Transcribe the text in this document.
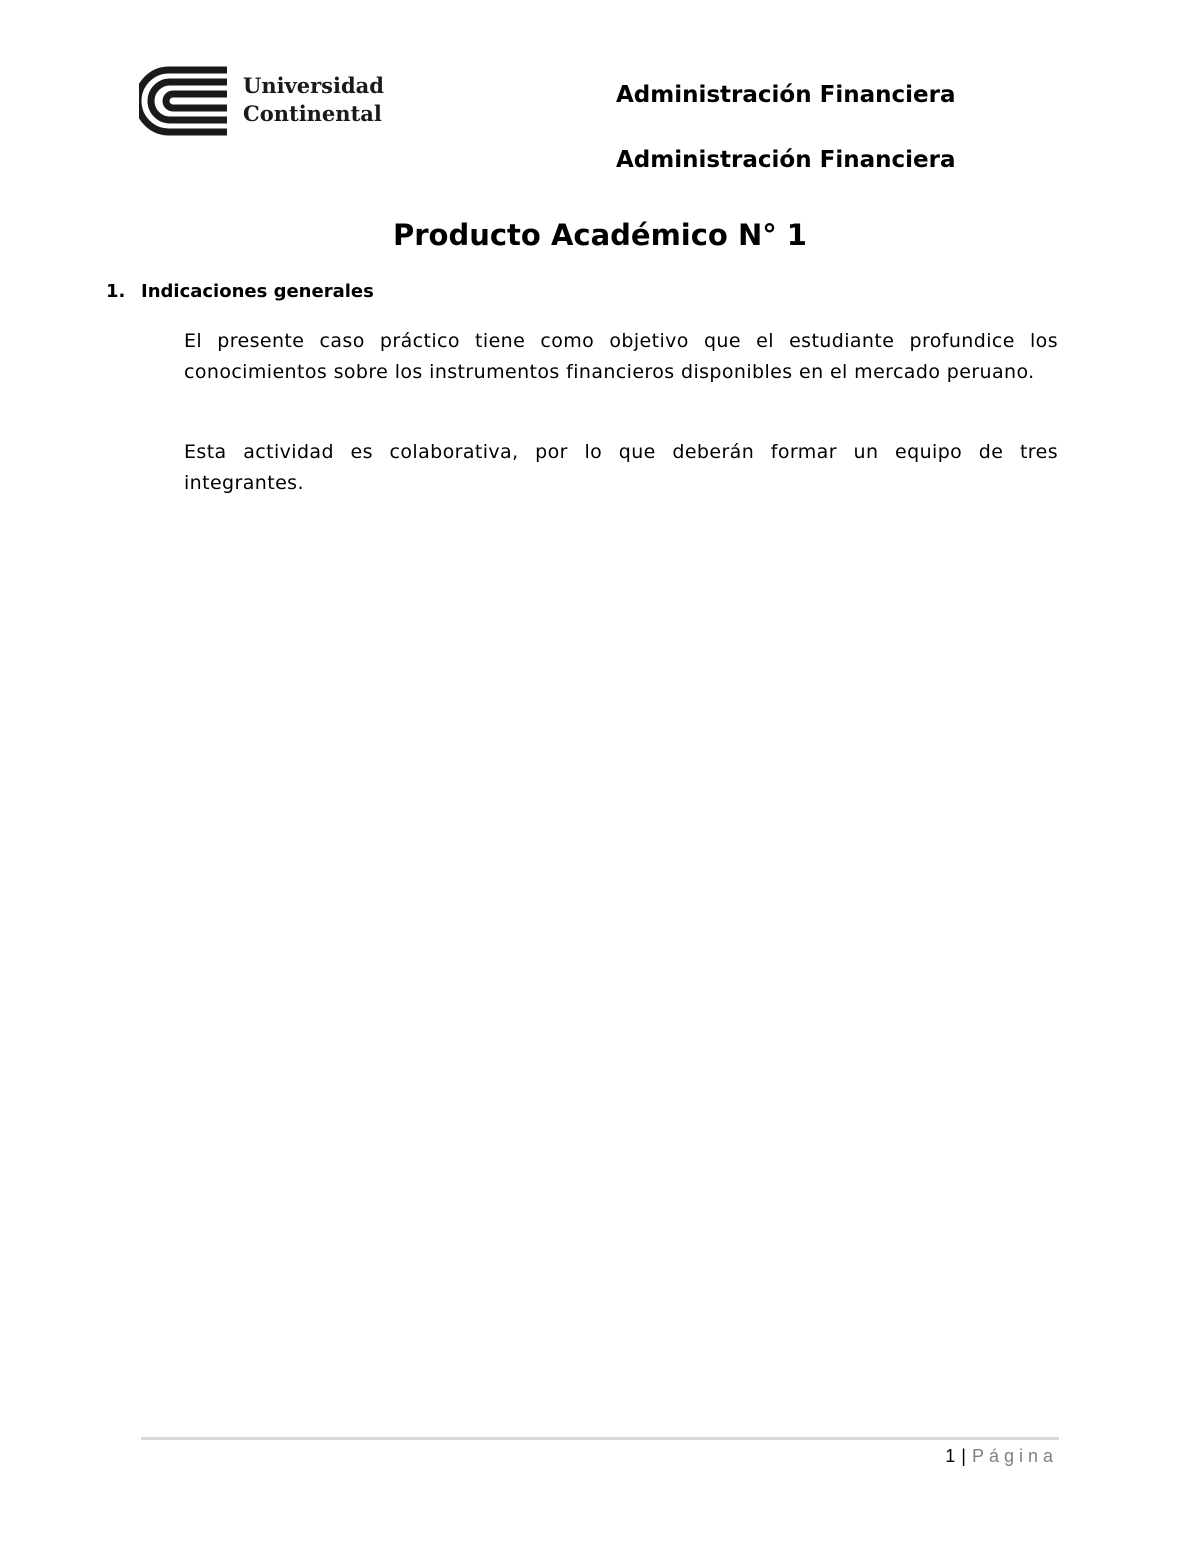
Universidad
Continental
Administración Financiera
Administración Financiera
Producto Académico N° 1
1. Indicaciones generales

El presente caso práctico tiene como objetivo que el estudiante profundice los conocimientos sobre los instrumentos financieros disponibles en el mercado peruano.

Esta actividad es colaborativa, por lo que deberán formar un equipo de tres integrantes.

1 | Página
